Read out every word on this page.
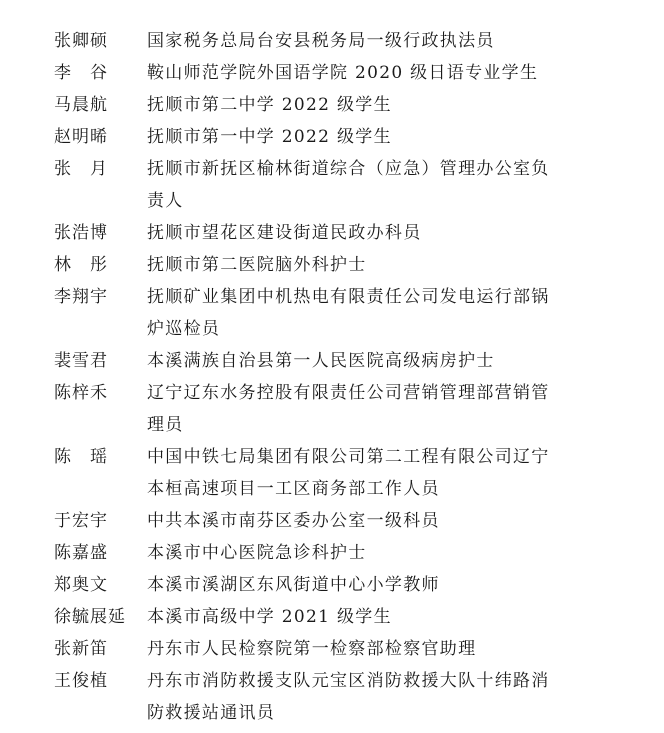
张卿硕	国家税务总局台安县税务局一级行政执法员
李　谷	鞍山师范学院外国语学院 2020 级日语专业学生
马晨航	抚顺市第二中学 2022 级学生
赵明晞	抚顺市第一中学 2022 级学生
张　月	抚顺市新抚区榆林街道综合（应急）管理办公室负责人
张浩博	抚顺市望花区建设街道民政办科员
林　彤	抚顺市第二医院脑外科护士
李翔宇	抚顺矿业集团中机热电有限责任公司发电运行部锅炉巡检员
裴雪君	本溪满族自治县第一人民医院高级病房护士
陈梓禾	辽宁辽东水务控股有限责任公司营销管理部营销管理员
陈　瑶	中国中铁七局集团有限公司第二工程有限公司辽宁本桓高速项目一工区商务部工作人员
于宏宇	中共本溪市南芬区委办公室一级科员
陈嘉盛	本溪市中心医院急诊科护士
郑奥文	本溪市溪湖区东风街道中心小学教师
徐毓展延	本溪市高级中学 2021 级学生
张新笛	丹东市人民检察院第一检察部检察官助理
王俊植	丹东市消防救援支队元宝区消防救援大队十纬路消防救援站通讯员
